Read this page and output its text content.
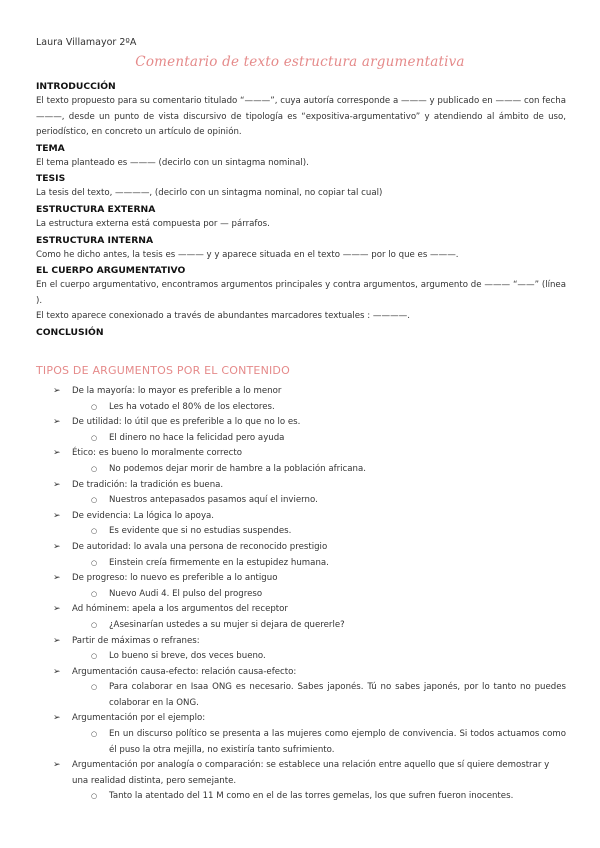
Laura Villamayor 2ºA
Comentario de texto estructura argumentativa

INTRODUCCIÓN

El texto propuesto para su comentario titulado “———”, cuya autoría corresponde a ——— y publicado en ——— con fecha ———, desde un punto de vista discursivo de tipología es “expositiva-argumentativo” y atendiendo al ámbito de uso, periodístico, en concreto un artículo de opinión.

TEMA

El tema planteado es ——— (decirlo con un sintagma nominal).

TESIS

La tesis del texto, ————, (decirlo con un sintagma nominal, no copiar tal cual)

ESTRUCTURA EXTERNA

La estructura externa está compuesta por — párrafos.

ESTRUCTURA INTERNA

Como he dicho antes, la tesis es ——— y y aparece situada en el texto ——— por lo que es ———.

EL CUERPO ARGUMENTATIVO

En el cuerpo argumentativo, encontramos argumentos principales y contra argumentos, argumento de ——— “——” (línea ).

El texto aparece conexionado a través de abundantes marcadores textuales : ————.

CONCLUSIÓN

TIPOS DE ARGUMENTOS POR EL CONTENIDO
➢ De la mayoría: lo mayor es preferible a lo menor
○ Les ha votado el 80% de los electores.
➢ De utilidad: lo útil que es preferible a lo que no lo es.
○ El dinero no hace la felicidad pero ayuda
➢ Ético: es bueno lo moralmente correcto
○ No podemos dejar morir de hambre a la población africana.
➢ De tradición: la tradición es buena.
○ Nuestros antepasados pasamos aquí el invierno.
➢ De evidencia: La lógica lo apoya.
○ Es evidente que si no estudias suspendes.
➢ De autoridad: lo avala una persona de reconocido prestigio
○ Einstein creía firmemente en la estupidez humana.
➢ De progreso: lo nuevo es preferible a lo antiguo
○ Nuevo Audi 4. El pulso del progreso
➢ Ad hóminem: apela a los argumentos del receptor
○ ¿Asesinarían ustedes a su mujer si dejara de quererle?
➢ Partir de máximas o refranes:
○ Lo bueno si breve, dos veces bueno.
➢ Argumentación causa-efecto: relación causa-efecto:
○ Para colaborar en Isaa ONG es necesario. Sabes japonés. Tú no sabes japonés, por lo tanto no puedes colaborar en la ONG.
➢ Argumentación por el ejemplo:
○ En un discurso político se presenta a las mujeres como ejemplo de convivencia. Si todos actuamos como él puso la otra mejilla, no existiría tanto sufrimiento.
➢ Argumentación por analogía o comparación: se establece una relación entre aquello que sí quiere demostrar y una realidad distinta, pero semejante.
○ Tanto la atentado del 11 M como en el de las torres gemelas, los que sufren fueron inocentes.
